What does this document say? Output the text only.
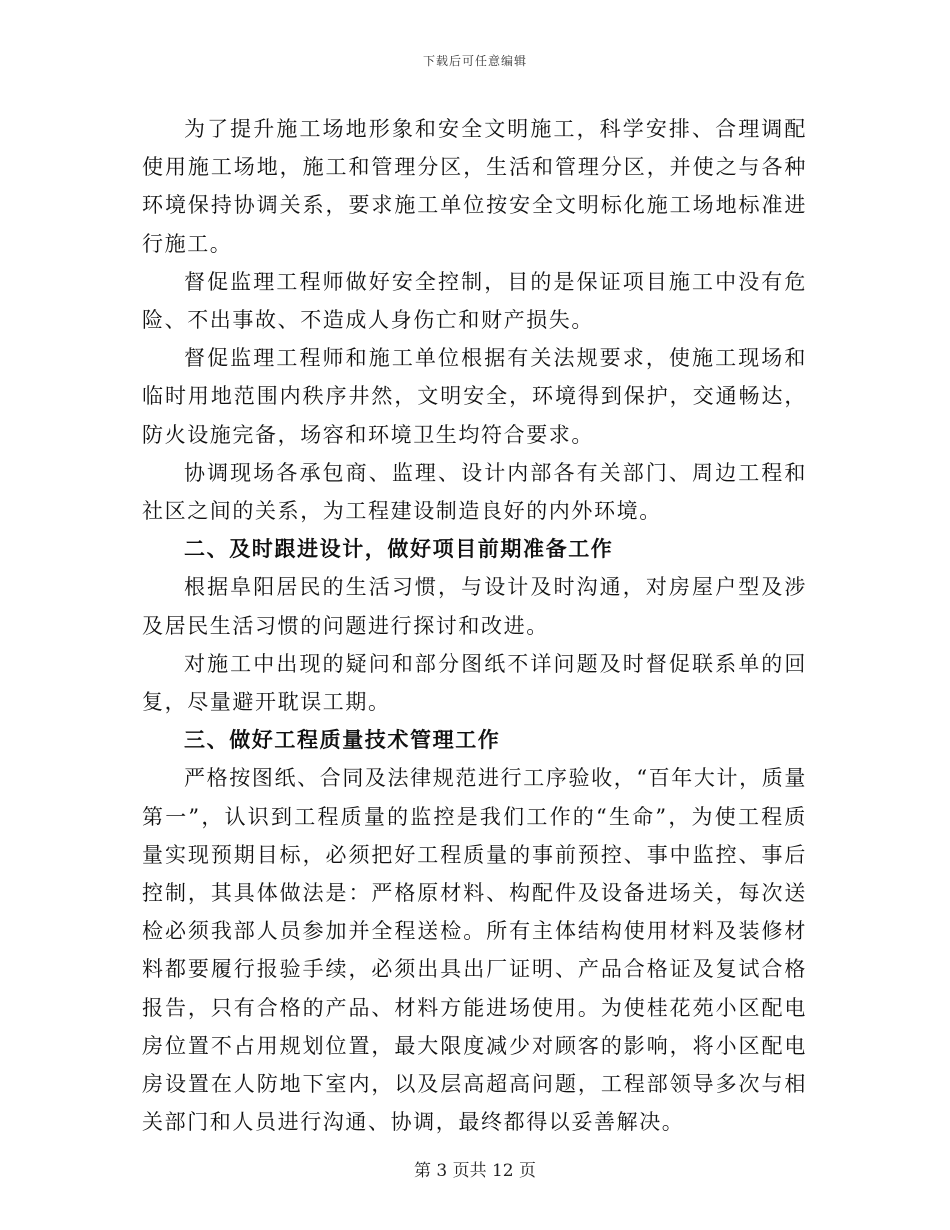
下载后可任意编辑

为了提升施工场地形象和安全文明施工，科学安排、合理调配使用施工场地，施工和管理分区，生活和管理分区，并使之与各种环境保持协调关系，要求施工单位按安全文明标化施工场地标准进行施工。

督促监理工程师做好安全控制，目的是保证项目施工中没有危险、不出事故、不造成人身伤亡和财产损失。

督促监理工程师和施工单位根据有关法规要求，使施工现场和临时用地范围内秩序井然，文明安全，环境得到保护，交通畅达，防火设施完备，场容和环境卫生均符合要求。

协调现场各承包商、监理、设计内部各有关部门、周边工程和社区之间的关系，为工程建设制造良好的内外环境。

二、及时跟进设计，做好项目前期准备工作

根据阜阳居民的生活习惯，与设计及时沟通，对房屋户型及涉及居民生活习惯的问题进行探讨和改进。

对施工中出现的疑问和部分图纸不详问题及时督促联系单的回复，尽量避开耽误工期。

三、做好工程质量技术管理工作

严格按图纸、合同及法律规范进行工序验收，“百年大计，质量第一”，认识到工程质量的监控是我们工作的“生命”，为使工程质量实现预期目标，必须把好工程质量的事前预控、事中监控、事后控制，其具体做法是：严格原材料、构配件及设备进场关，每次送检必须我部人员参加并全程送检。所有主体结构使用材料及装修材料都要履行报验手续，必须出具出厂证明、产品合格证及复试合格报告，只有合格的产品、材料方能进场使用。为使桂花苑小区配电房位置不占用规划位置，最大限度减少对顾客的影响，将小区配电房设置在人防地下室内，以及层高超高问题，工程部领导多次与相关部门和人员进行沟通、协调，最终都得以妥善解决。

第 3 页共 12 页
